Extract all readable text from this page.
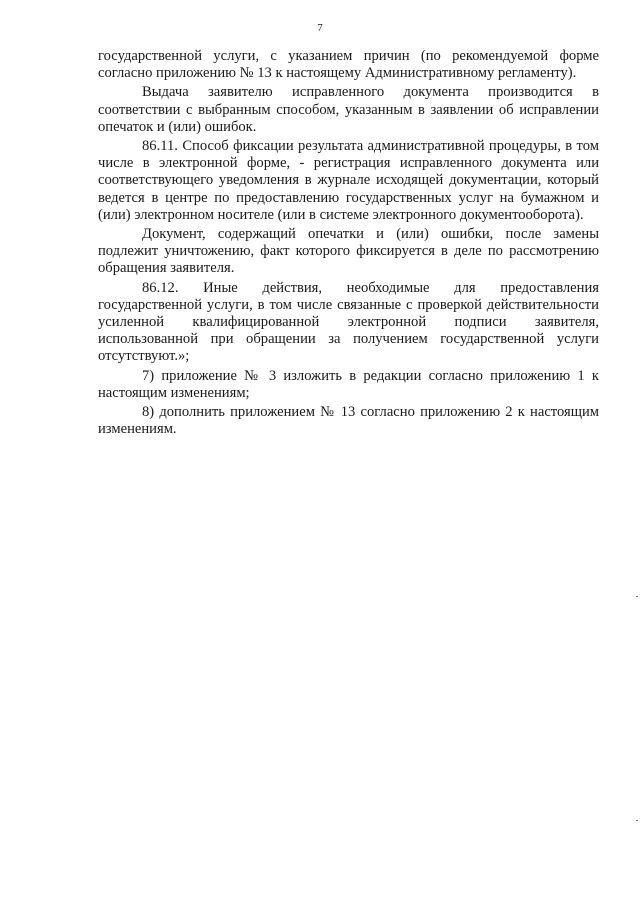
7

государственной услуги, с указанием причин (по рекомендуемой форме согласно приложению № 13 к настоящему Административному регламенту).

Выдача заявителю исправленного документа производится в соответствии с выбранным способом, указанным в заявлении об исправлении опечаток и (или) ошибок.

86.11. Способ фиксации результата административной процедуры, в том числе в электронной форме, - регистрация исправленного документа или соответствующего уведомления в журнале исходящей документации, который ведется в центре по предоставлению государственных услуг на бумажном и (или) электронном носителе (или в системе электронного документооборота).

Документ, содержащий опечатки и (или) ошибки, после замены подлежит уничтожению, факт которого фиксируется в деле по рассмотрению обращения заявителя.

86.12. Иные действия, необходимые для предоставления государственной услуги, в том числе связанные с проверкой действительности усиленной квалифицированной электронной подписи заявителя, использованной при обращении за получением государственной услуги отсутствуют.»;

7) приложение № 3 изложить в редакции согласно приложению 1 к настоящим изменениям;

8) дополнить приложением № 13 согласно приложению 2 к настоящим изменениям.
